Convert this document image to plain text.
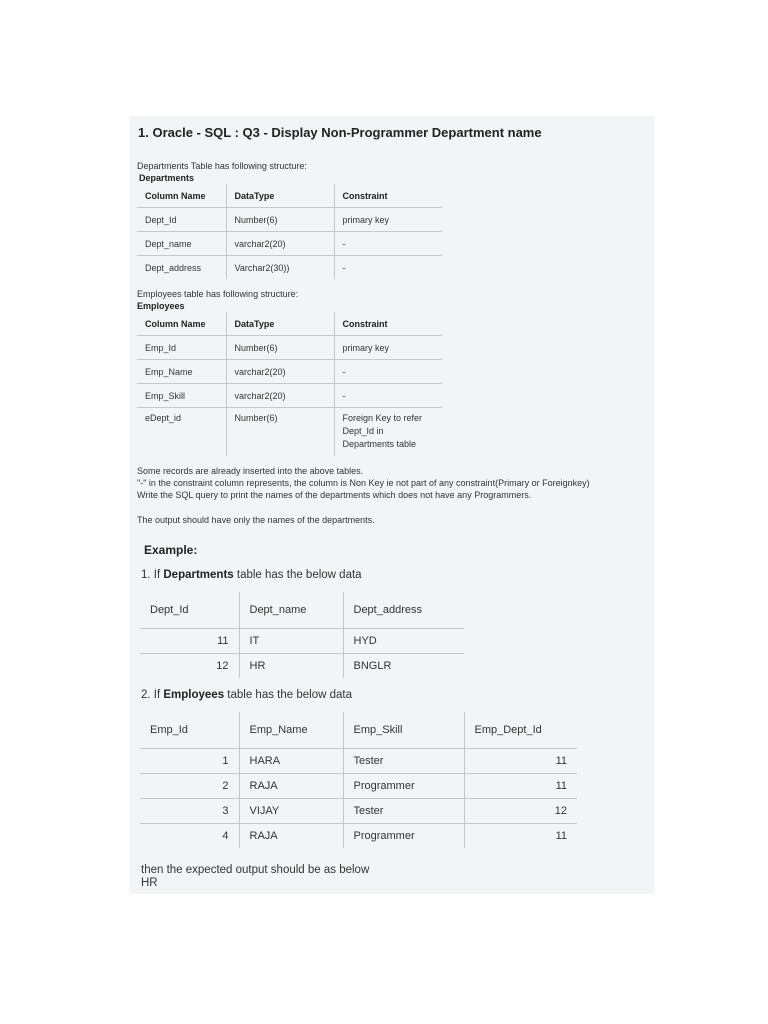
1. Oracle - SQL : Q3 - Display Non-Programmer Department name
Departments Table has following structure:
Departments
Column Name	DataType	Constraint
Dept_Id	Number(6)	primary key
Dept_name	varchar2(20)	-
Dept_address	Varchar2(30))	-
Employees table has following structure:
Employees
Column Name	DataType	Constraint
Emp_Id	Number(6)	primary key
Emp_Name	varchar2(20)	-
Emp_Skill	varchar2(20)	-
eDept_id	Number(6)	Foreign Key to refer
Dept_Id in
Departments table
Some records are already inserted into the above tables.
"-" in the constraint column represents, the column is Non Key ie not part of any constraint(Primary or Foreignkey)
Write the SQL query to print the names of the departments which does not have any Programmers.
The output should have only the names of the departments.
Example:
1. If Departments table has the below data
Dept_Id	Dept_name	Dept_address
11	IT	HYD
12	HR	BNGLR
2. If Employees table has the below data
Emp_Id	Emp_Name	Emp_Skill	Emp_Dept_Id
1	HARA	Tester	11
2	RAJA	Programmer	11
3	VIJAY	Tester	12
4	RAJA	Programmer	11
then the expected output should be as below
HR
